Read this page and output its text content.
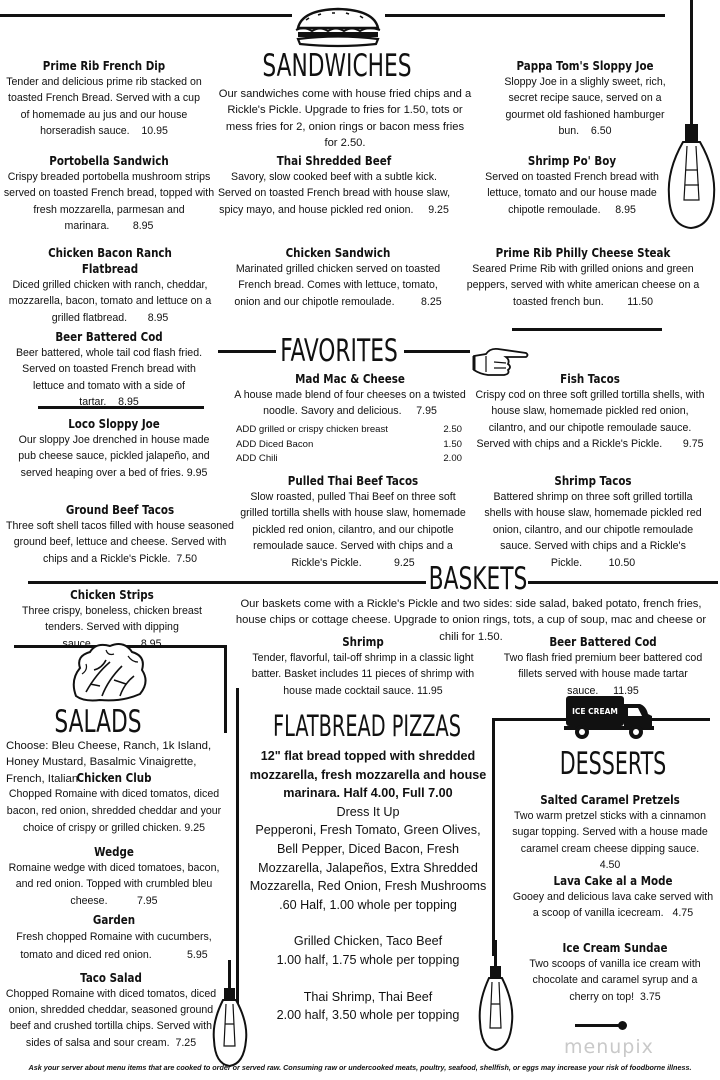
ICE CREAM
SANDWICHES
FAVORITES
BASKETS
SALADS	FLATBREAD PIZZAS
DESSERTS
Our sandwiches come with house fried chips and a Rickle's Pickle. Upgrade to fries for 1.50, tots or mess fries for 2, onion rings or bacon mess fries for 2.50.
Prime Rib French Dip
Tender and delicious prime rib stacked on toasted French Bread. Served with a cup of homemade au jus and our house horseradish sauce. 10.95
Pappa Tom's Sloppy Joe
Sloppy Joe in a slighly sweet, rich, secret recipe sauce, served on a gourmet old fashioned hamburger bun. 6.50
Portobella Sandwich
Crispy breaded portobella mushroom strips served on toasted French bread, topped with fresh mozzarella, parmesan and marinara. 8.95
Thai Shredded Beef
Savory, slow cooked beef with a subtle kick. Served on toasted French bread with house slaw, spicy mayo, and house pickled red onion. 9.25
Shrimp Po' Boy
Served on toasted French bread with lettuce, tomato and our house made chipotle remoulade. 8.95
Chicken Bacon Ranch Flatbread
Diced grilled chicken with ranch, cheddar, mozzarella, bacon, tomato and lettuce on a grilled flatbread. 8.95
Chicken Sandwich
Marinated grilled chicken served on toasted French bread. Comes with lettuce, tomato, onion and our chipotle remoulade.	8.25
Prime Rib Philly Cheese Steak
Seared Prime Rib with grilled onions and green peppers, served with white american cheese on a toasted french bun. 11.50
Beer Battered Cod
Beer battered, whole tail cod flash fried. Served on toasted French bread with lettuce and tomato with a side of tartar. 8.95
Mad Mac & Cheese
A house made blend of four cheeses on a twisted noodle. Savory and delicious. 7.95
ADD grilled or crispy chicken breast	2.50
ADD Diced Bacon	1.50
ADD Chili	2.00
Fish Tacos
Crispy cod on three soft grilled tortilla shells, with house slaw, homemade pickled red onion, cilantro, and our chipotle remoulade sauce. Served with chips and a Rickle's Pickle. 9.75
Loco Sloppy Joe
Our sloppy Joe drenched in house made pub cheese sauce, pickled jalapeño, and served heaping over a bed of fries. 9.95
Pulled Thai Beef Tacos
Slow roasted, pulled Thai Beef on three soft grilled tortilla shells with house slaw, homemade pickled red onion, cilantro, and our chipotle remoulade sauce. Served with chips and a Rickle's Pickle.	9.25
Shrimp Tacos
Battered shrimp on three soft grilled tortilla shells with house slaw, homemade pickled red onion, cilantro, and our chipotle remoulade sauce. Served with chips and a Rickle's Pickle.	10.50
Ground Beef Tacos
Three soft shell tacos filled with house seasoned ground beef, lettuce and cheese. Served with chips and a Rickle's Pickle. 7.50
Our baskets come with a Rickle's Pickle and two sides: side salad, baked potato, french fries, house chips or cottage cheese. Upgrade to onion rings, tots, a cup of soup, mac and cheese or chili for 1.50.
Chicken Strips
Three crispy, boneless, chicken breast tenders. Served with dipping sauce.	8.95	Shrimp
Tender, flavorful, tail-off shrimp in a classic light batter. Basket includes 11 pieces of shrimp with house made cocktail sauce. 11.95
Beer Battered Cod
Two flash fried premium beer battered cod fillets served with house made tartar sauce. 11.95
Choose: Bleu Cheese, Ranch, 1k Island, Honey Mustard, Basalmic Vinaigrette, French, Italian
Chicken Club
Chopped Romaine with diced tomatos, diced bacon, red onion, shredded cheddar and your choice of crispy or grilled chicken. 9.25
Wedge
Romaine wedge with diced tomatoes, bacon, and red onion. Topped with crumbled bleu cheese.	7.95
Garden
Fresh chopped Romaine with cucumbers, tomato and diced red onion.	5.95
Taco Salad
Chopped Romaine with diced tomatos, diced onion, shredded cheddar, seasoned ground beef and crushed tortilla chips. Served with sides of salsa and sour cream. 7.25
12" flat bread topped with shredded
mozzarella, fresh mozzarella and house
marinara. Half 4.00, Full 7.00
Dress It Up
Pepperoni, Fresh Tomato, Green Olives, Bell Pepper, Diced Bacon, Fresh Mozzarella, Jalapeños, Extra Shredded Mozzarella, Red Onion, Fresh Mushrooms
.60 Half, 1.00 whole per topping
Grilled Chicken, Taco Beef
1.00 half, 1.75 whole per topping
Thai Shrimp, Thai Beef
2.00 half, 3.50 whole per topping
Salted Caramel Pretzels
Two warm pretzel sticks with a cinnamon sugar topping. Served with a house made caramel cream cheese dipping sauce. 4.50
Lava Cake al a Mode
Gooey and delicious lava cake served with a scoop of vanilla icecream. 4.75
Ice Cream Sundae
Two scoops of vanilla ice cream with chocolate and caramel syrup and a cherry on top! 3.75
menupix
Ask your server about menu items that are cooked to order or served raw. Consuming raw or undercooked meats, poultry, seafood, shellfish, or eggs may increase your risk of foodborne illness.
